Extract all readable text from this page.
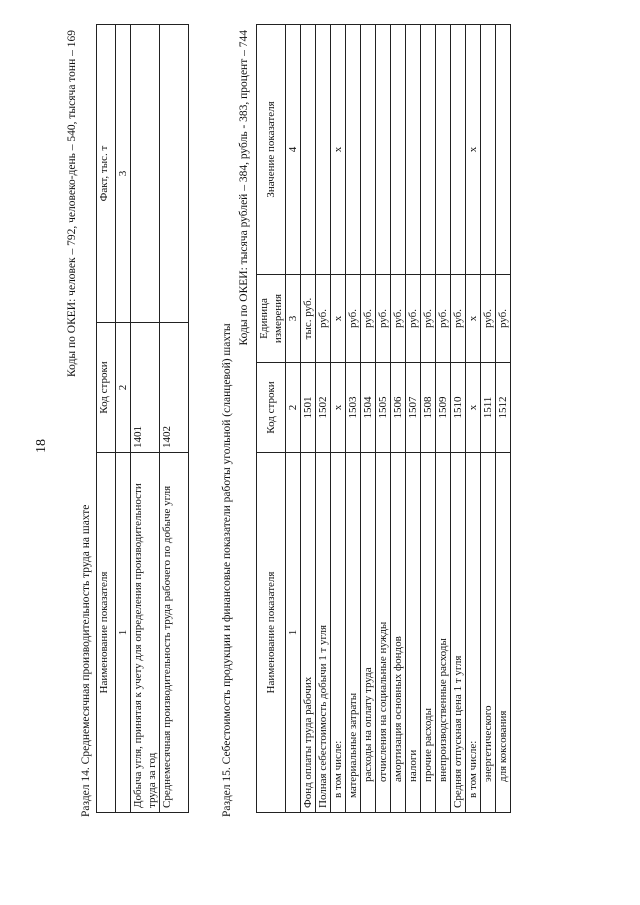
18
Коды по ОКЕИ: человек – 792, человеко-день – 540, тысяча тонн – 169
Раздел 14. Среднемесячная производительность труда на шахте Наименование показателя	Код строки	Факт, тыс. т
1	2	3
Добыча угля, принятая к учету для определения производительности труда за год	1401	
Среднемесячная производительность труда рабочего по добыче угля	1402		Раздел 15. Себестоимость продукции и финансовые показатели работы угольной (сланцевой) шахты
Коды по ОКЕИ: тысяча рублей – 384, рубль - 383, процент – 744
Наименование показателя	Код строки	Единица измерения	Значение показателя
1	2	3	4
Фонд оплаты труда рабочих	1501	тыс. руб.	
Полная себестоимость добычи 1 т угля	1502	руб.	
в том числе:	х	х	х
материальные затраты	1503	руб.	
расходы на оплату труда	1504	руб.	
отчисления на социальные нужды	1505	руб.	
амортизация основных фондов	1506	руб.	
налоги	1507	руб.	
прочие расходы	1508	руб.	
внепроизводственные расходы	1509	руб.	
Средняя отпускная цена 1 т угля	1510	руб.	
в том числе:	х	х	х
энергетического	1511	руб.	
для коксования	1512	руб.	
